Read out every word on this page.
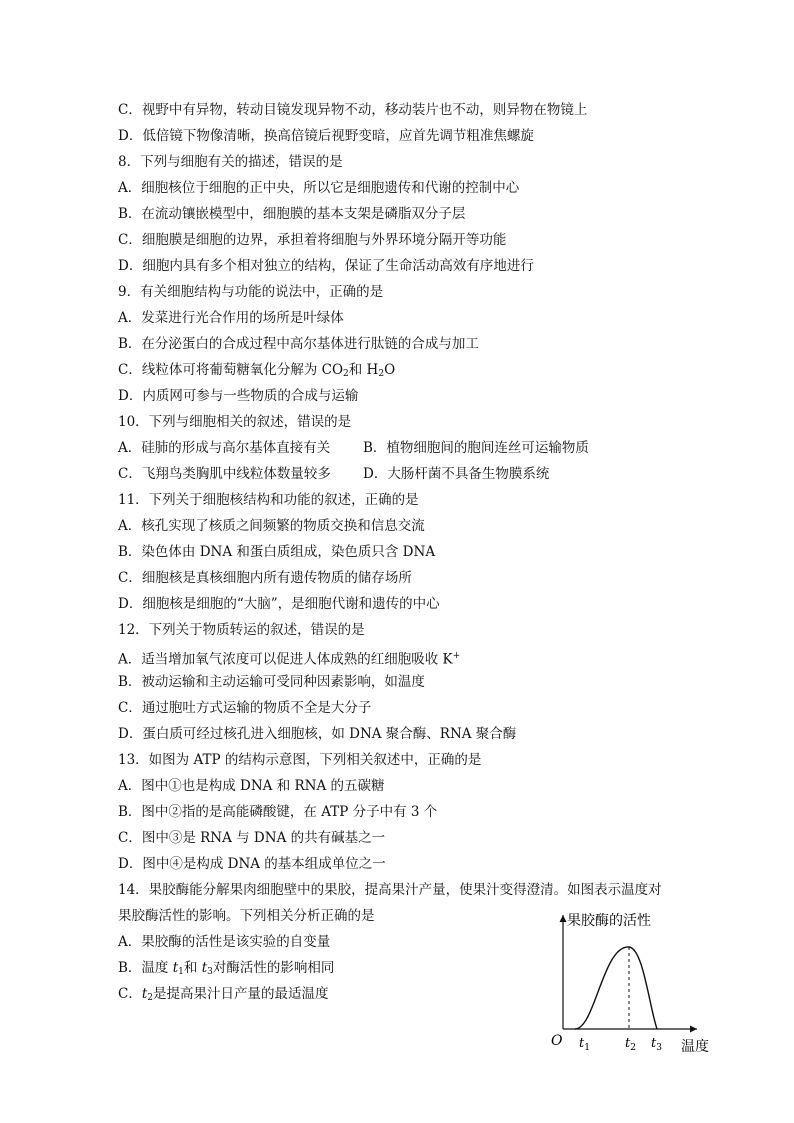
C．视野中有异物，转动目镜发现异物不动，移动装片也不动，则异物在物镜上
D．低倍镜下物像清晰，换高倍镜后视野变暗，应首先调节粗准焦螺旋
8．下列与细胞有关的描述，错误的是
A．细胞核位于细胞的正中央，所以它是细胞遗传和代谢的控制中心
B．在流动镶嵌模型中，细胞膜的基本支架是磷脂双分子层
C．细胞膜是细胞的边界，承担着将细胞与外界环境分隔开等功能
D．细胞内具有多个相对独立的结构，保证了生命活动高效有序地进行
9．有关细胞结构与功能的说法中，正确的是
A．发菜进行光合作用的场所是叶绿体
B．在分泌蛋白的合成过程中高尔基体进行肽链的合成与加工
C．线粒体可将葡萄糖氧化分解为 $CO_2$和 $H_2O$
D．内质网可参与一些物质的合成与运输
10．下列与细胞相关的叙述，错误的是
A．硅肺的形成与高尔基体直接有关 B．植物细胞间的胞间连丝可运输物质
C．飞翔鸟类胸肌中线粒体数量较多 D．大肠杆菌不具备生物膜系统
11．下列关于细胞核结构和功能的叙述，正确的是
A．核孔实现了核质之间频繁的物质交换和信息交流
B．染色体由 DNA 和蛋白质组成，染色质只含 DNA
C．细胞核是真核细胞内所有遗传物质的储存场所
D．细胞核是细胞的“大脑”，是细胞代谢和遗传的中心
12．下列关于物质转运的叙述，错误的是
A．适当增加氧气浓度可以促进人体成熟的红细胞吸收 K+
B．被动运输和主动运输可受同种因素影响，如温度
C．通过胞吐方式运输的物质不全是大分子
D．蛋白质可经过核孔进入细胞核，如 DNA 聚合酶、RNA 聚合酶
13．如图为 ATP 的结构示意图，下列相关叙述中，正确的是
A．图中①也是构成 DNA 和 RNA 的五碳糖
B．图中②指的是高能磷酸键，在 ATP 分子中有 3 个
C．图中③是 RNA 与 DNA 的共有碱基之一
D．图中④是构成 DNA 的基本组成单位之一
14．果胶酶能分解果肉细胞壁中的果胶，提高果汁产量，使果汁变得澄清。如图表示温度对
果胶酶活性的影响。下列相关分析正确的是
A．果胶酶的活性是该实验的自变量
B．温度 $t_1$和 $t_3$对酶活性的影响相同
C．$t_2$是提高果汁日产量的最适温度
果胶酶的活性
O $t_1$	$t_2$ $t_3$ 温度
